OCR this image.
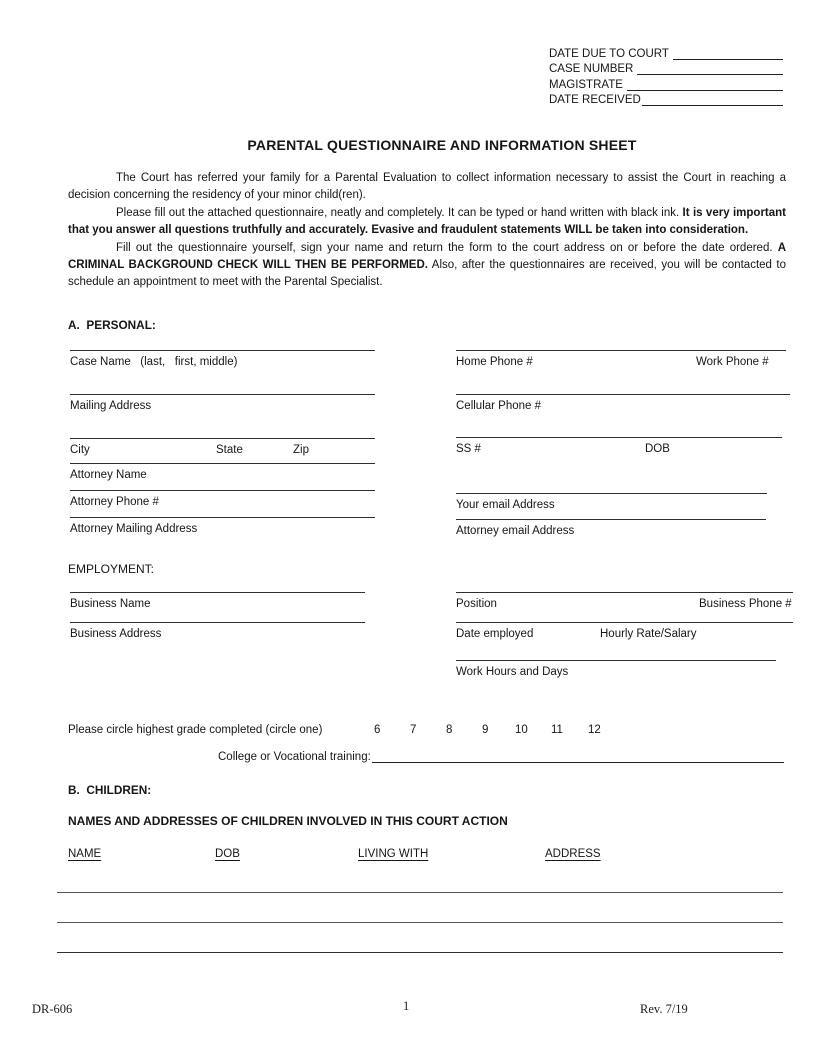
DATE DUE TO COURT
CASE NUMBER
MAGISTRATE
DATE RECEIVED
PARENTAL QUESTIONNAIRE AND INFORMATION SHEET

The Court has referred your family for a Parental Evaluation to collect information necessary to assist the Court in reaching a decision concerning the residency of your minor child(ren).

Please fill out the attached questionnaire, neatly and completely. It can be typed or hand written with black ink. It is very important that you answer all questions truthfully and accurately. Evasive and fraudulent statements WILL be taken into consideration.

Fill out the questionnaire yourself, sign your name and return the form to the court address on or before the date ordered. A CRIMINAL BACKGROUND CHECK WILL THEN BE PERFORMED. Also, after the questionnaires are received, you will be contacted to schedule an appointment to meet with the Parental Specialist.

A.  PERSONAL:
Case Name   (last,   first, middle)
Mailing Address
City	State	Zip
Attorney Name
Attorney Phone #
Attorney Mailing Address
Home Phone #	Work Phone #
Cellular Phone #
SS #	DOB
Your email Address
Attorney email Address
EMPLOYMENT:
Business Name
Business Address
Position	Business Phone #
Date employed	Hourly Rate/Salary
Work Hours and Days
Please circle highest grade completed (circle one)	6	7	8	9 10 11 12
College or Vocational training:
B.  CHILDREN:
NAMES AND ADDRESSES OF CHILDREN INVOLVED IN THIS COURT ACTION
NAME	DOB	LIVING WITH	ADDRESS
DR-606	1	Rev. 7/19
